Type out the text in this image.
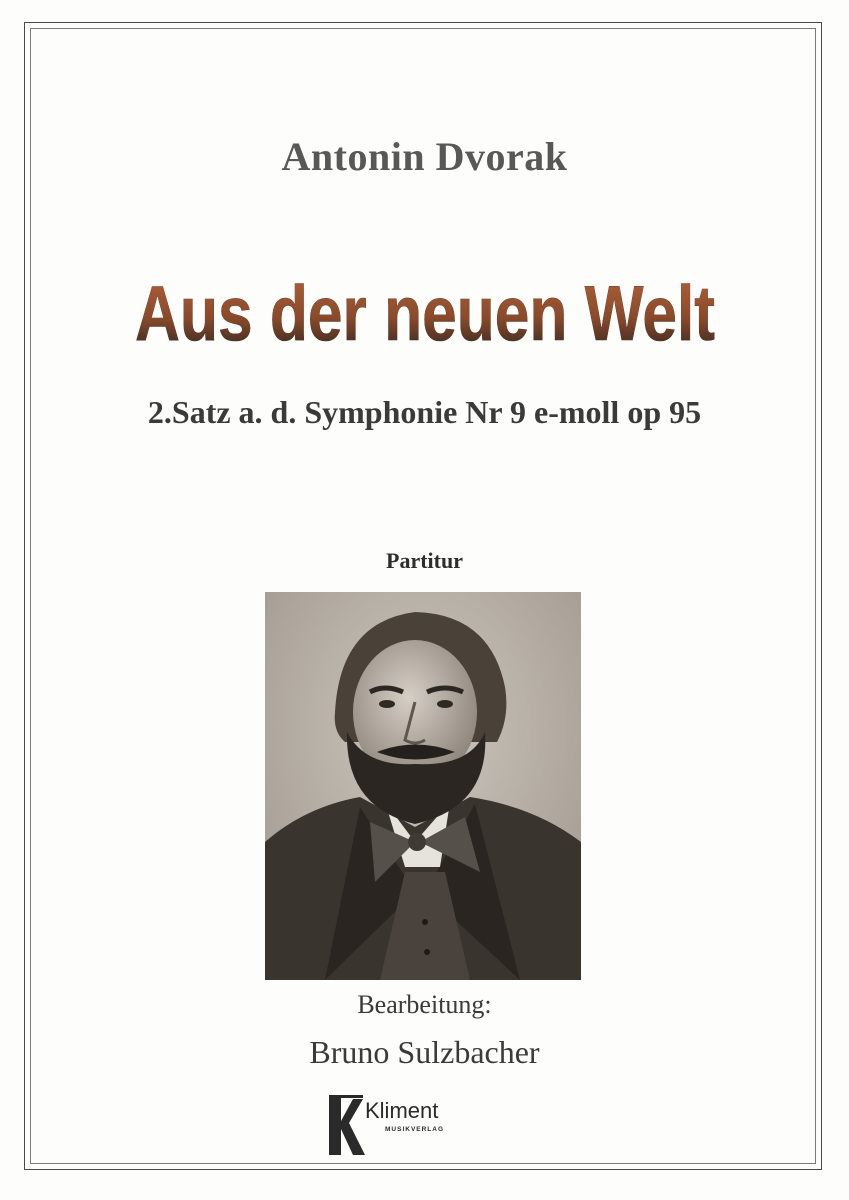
Antonin Dvorak
Aus der neuen Welt
2.Satz a. d. Symphonie Nr 9 e-moll op 95
Partitur
Bearbeitung:
Bruno Sulzbacher
Kliment
MUSIKVERLAG
